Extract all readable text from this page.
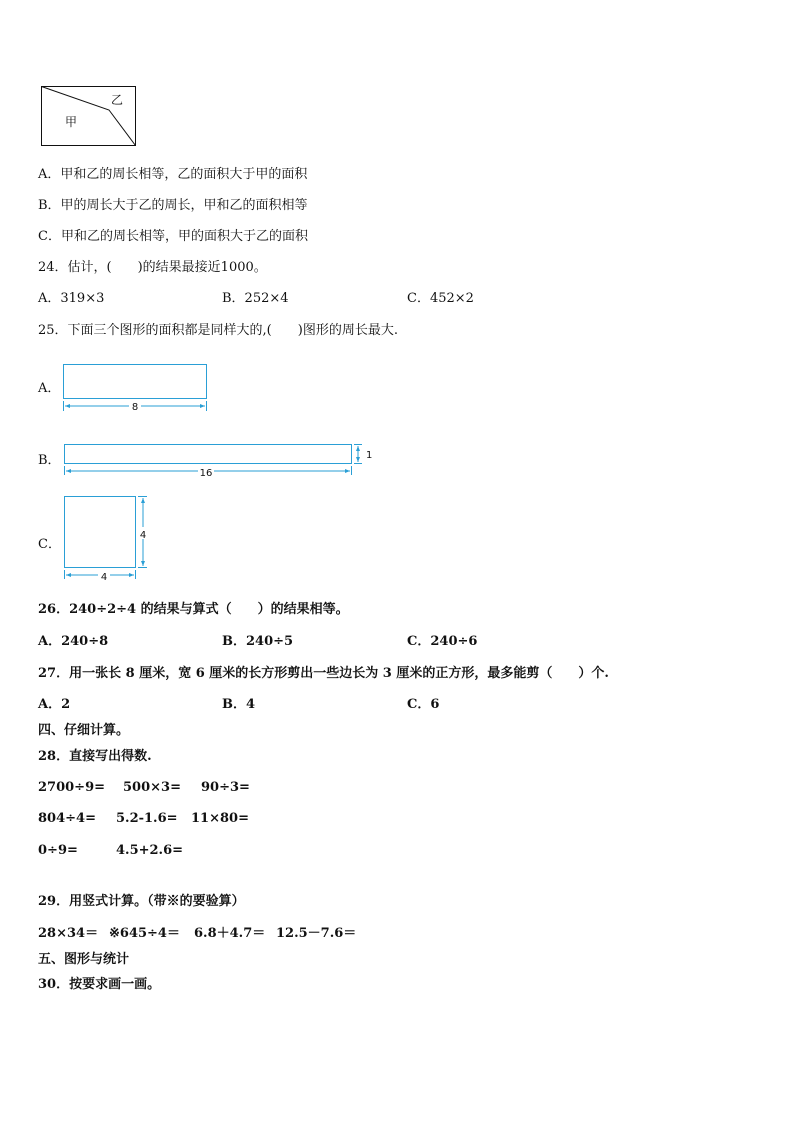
甲
乙
A．甲和乙的周长相等，乙的面积大于甲的面积
B．甲的周长大于乙的周长，甲和乙的面积相等
C．甲和乙的周长相等，甲的面积大于乙的面积
24．估计，(　　)的结果最接近1000。
A．319×3	B．252×4	C．452×2
25．下面三个图形的面积都是同样大的,(　　)图形的周长最大.
A．
8
B．
16
1
C．
4
4
26．240÷2÷4 的结果与算式（　　）的结果相等。
A．240÷8	B．240÷5	C．240÷6
27．用一张长 8 厘米，宽 6 厘米的长方形剪出一些边长为 3 厘米的正方形，最多能剪（　　）个.
A．2	B．4	C．6
四、仔细计算。
28．直接写出得数.
2700÷9= 500×3= 90÷3=
804÷4= 5.2-1.6= 11×80=
0÷9=	4.5+2.6=
29．用竖式计算。（带※的要验算）
28×34＝ ※645÷4＝ 6.8＋4.7＝ 12.5－7.6＝
五、图形与统计
30．按要求画一画。
